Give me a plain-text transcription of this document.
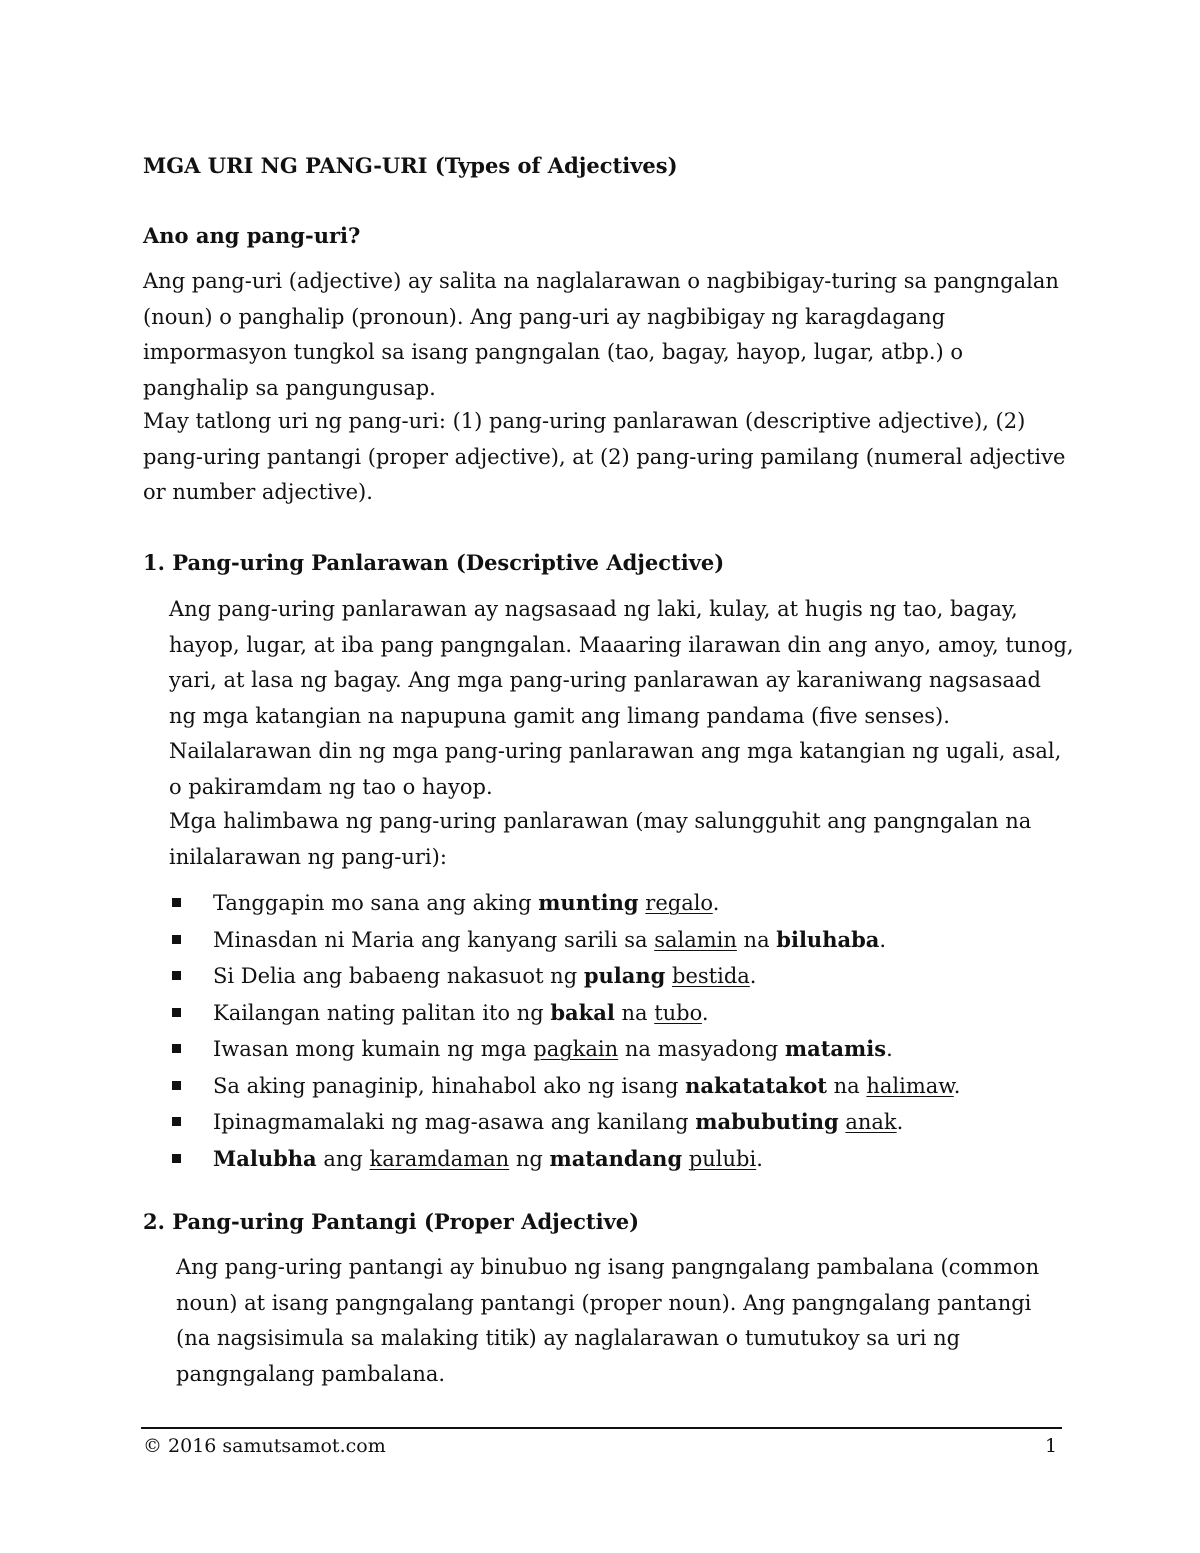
MGA URI NG PANG-URI (Types of Adjectives)

Ano ang pang-uri?

Ang pang-uri (adjective) ay salita na naglalarawan o nagbibigay-turing sa pangngalan (noun) o panghalip (pronoun). Ang pang-uri ay nagbibigay ng karagdagang impormasyon tungkol sa isang pangngalan (tao, bagay, hayop, lugar, atbp.) o panghalip sa pangungusap.

May tatlong uri ng pang-uri: (1) pang-uring panlarawan (descriptive adjective), (2) pang-uring pantangi (proper adjective), at (2) pang-uring pamilang (numeral adjective or number adjective).

1. Pang-uring Panlarawan (Descriptive Adjective)

Ang pang-uring panlarawan ay nagsasaad ng laki, kulay, at hugis ng tao, bagay, hayop, lugar, at iba pang pangngalan. Maaaring ilarawan din ang anyo, amoy, tunog, yari, at lasa ng bagay. Ang mga pang-uring panlarawan ay karaniwang nagsasaad ng mga katangian na napupuna gamit ang limang pandama (five senses). Nailalarawan din ng mga pang-uring panlarawan ang mga katangian ng ugali, asal, o pakiramdam ng tao o hayop.

Mga halimbawa ng pang-uring panlarawan (may salungguhit ang pangngalan na inilalarawan ng pang-uri):

Tanggapin mo sana ang aking munting regalo.
Minasdan ni Maria ang kanyang sarili sa salamin na biluhaba.
Si Delia ang babaeng nakasuot ng pulang bestida.
Kailangan nating palitan ito ng bakal na tubo.
Iwasan mong kumain ng mga pagkain na masyadong matamis.
Sa aking panaginip, hinahabol ako ng isang nakatatakot na halimaw.
Ipinagmamalaki ng mag-asawa ang kanilang mabubuting anak.
Malubha ang karamdaman ng matandang pulubi.

2. Pang-uring Pantangi (Proper Adjective)

Ang pang-uring pantangi ay binubuo ng isang pangngalang pambalana (common noun) at isang pangngalang pantangi (proper noun). Ang pangngalang pantangi (na nagsisimula sa malaking titik) ay naglalarawan o tumutukoy sa uri ng pangngalang pambalana.

© 2016 samutsamot.com	1
